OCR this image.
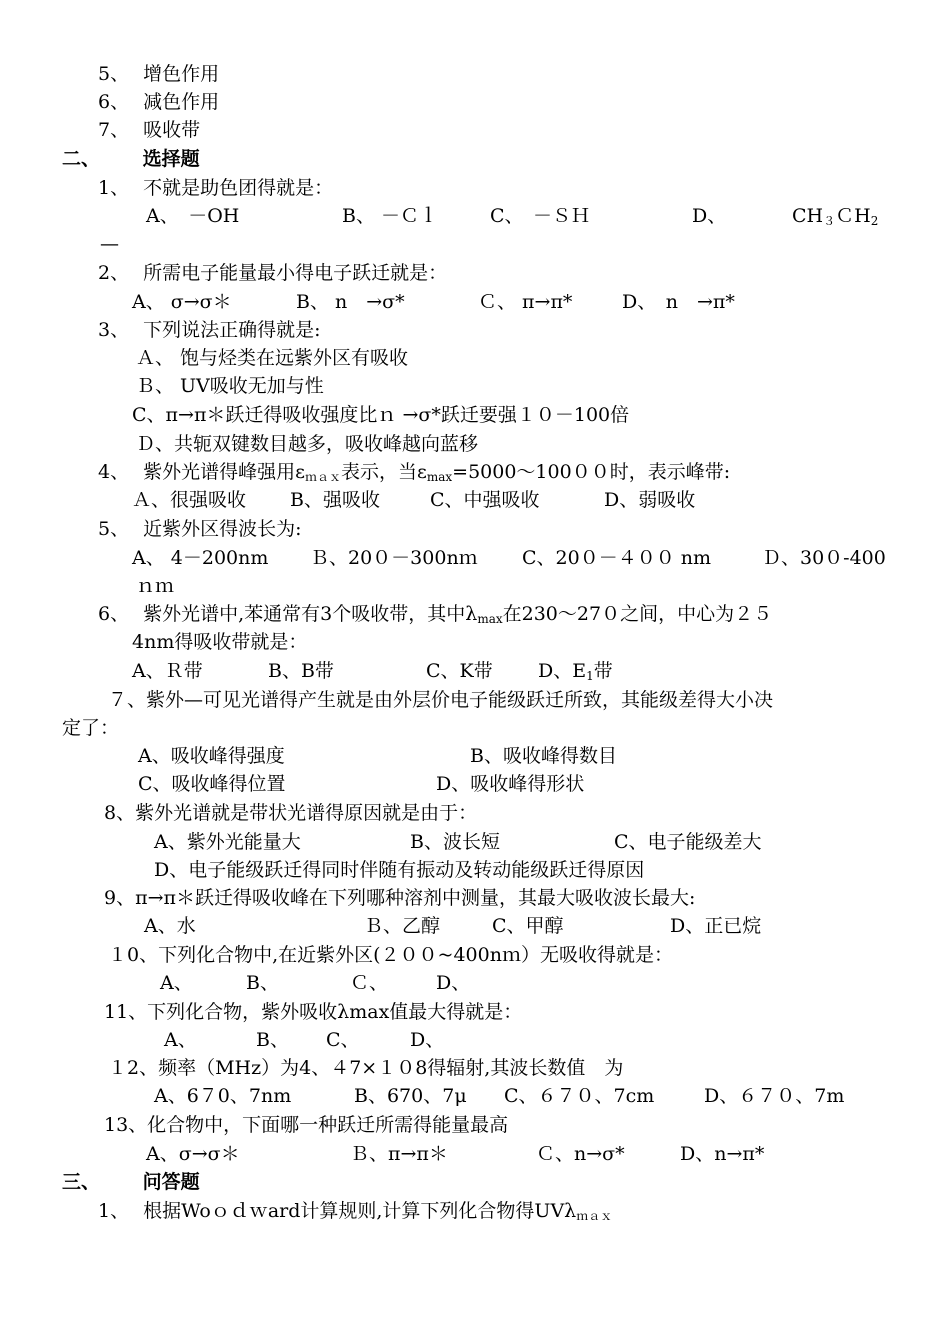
5、 增色作用
6、 减色作用
7、 吸收带
二、 选择题
1、 不就是助色团得就是：
A、　－OH	B、 －Ｃｌ	C、　－ＳＨ	D、	$CH_3CH_2$
—
2、 所需电子能量最小得电子跃迁就是：
A、 σ→σ＊	B、 n　→σ*	Ｃ、 π→π*	D、　n　→π*
3、 下列说法正确得就是:
Ａ、 饱与烃类在远紫外区有吸收
Ｂ、 UV吸收无加与性
C、π→π＊跃迁得吸收强度比ｎ →σ*跃迁要强１０－100倍
Ｄ、共轭双键数目越多，吸收峰越向蓝移
4、 紫外光谱得峰强用$\varepsilon_{max}$表示，当$\varepsilon_{max}=5000\sim 10000$时，表示峰带:
Ａ、很强吸收 B、强吸收	C、中强吸收	D、弱吸收
5、 近紫外区得波长为:
A、 4－200nm Ｂ、20０－300nｍ C、20０－４００ nm	Ｄ、30０-400
ｎｍ
6、 紫外光谱中,苯通常有3个吸收带，其中$\lambda_{max}$在230～27０之间，中心为２５
4nm得吸收带就是：
A、Ｒ带	B、B带	C、K带 D、$E_1$带
７、紫外—可见光谱得产生就是由外层价电子能级跃迁所致，其能级差得大小决
定了：
A、吸收峰得强度	B、吸收峰得数目
C、吸收峰得位置	D、吸收峰得形状
8、紫外光谱就是带状光谱得原因就是由于：
A、紫外光能量大	B、波长短	C、电子能级差大
D、电子能级跃迁得同时伴随有振动及转动能级跃迁得原因
9、π→π＊跃迁得吸收峰在下列哪种溶剂中测量，其最大吸收波长最大:
A、水	Ｂ、乙醇	C、甲醇	D、正已烷
１0、下列化合物中,在近紫外区(２００~400nｍ）无吸收得就是：
A、	B、	Ｃ、	D、
11、下列化合物，紫外吸收λmax值最大得就是：
A、	B、 C、	D、
１2、频率（MHz）为4、４7×１０8得辐射,其波长数值　为
A、6７0、7nm	B、670、7μ C、６７０、7cm	D、６７０、7m
13、化合物中，下面哪一种跃迁所需得能量最高
A、σ→σ＊	Ｂ、π→π＊	Ｃ、n→σ*	D、n→π*
三、 问答题
1、 根据Woｏｄｗard计算规则,计算下列化合物得UVλ$_{max}$
